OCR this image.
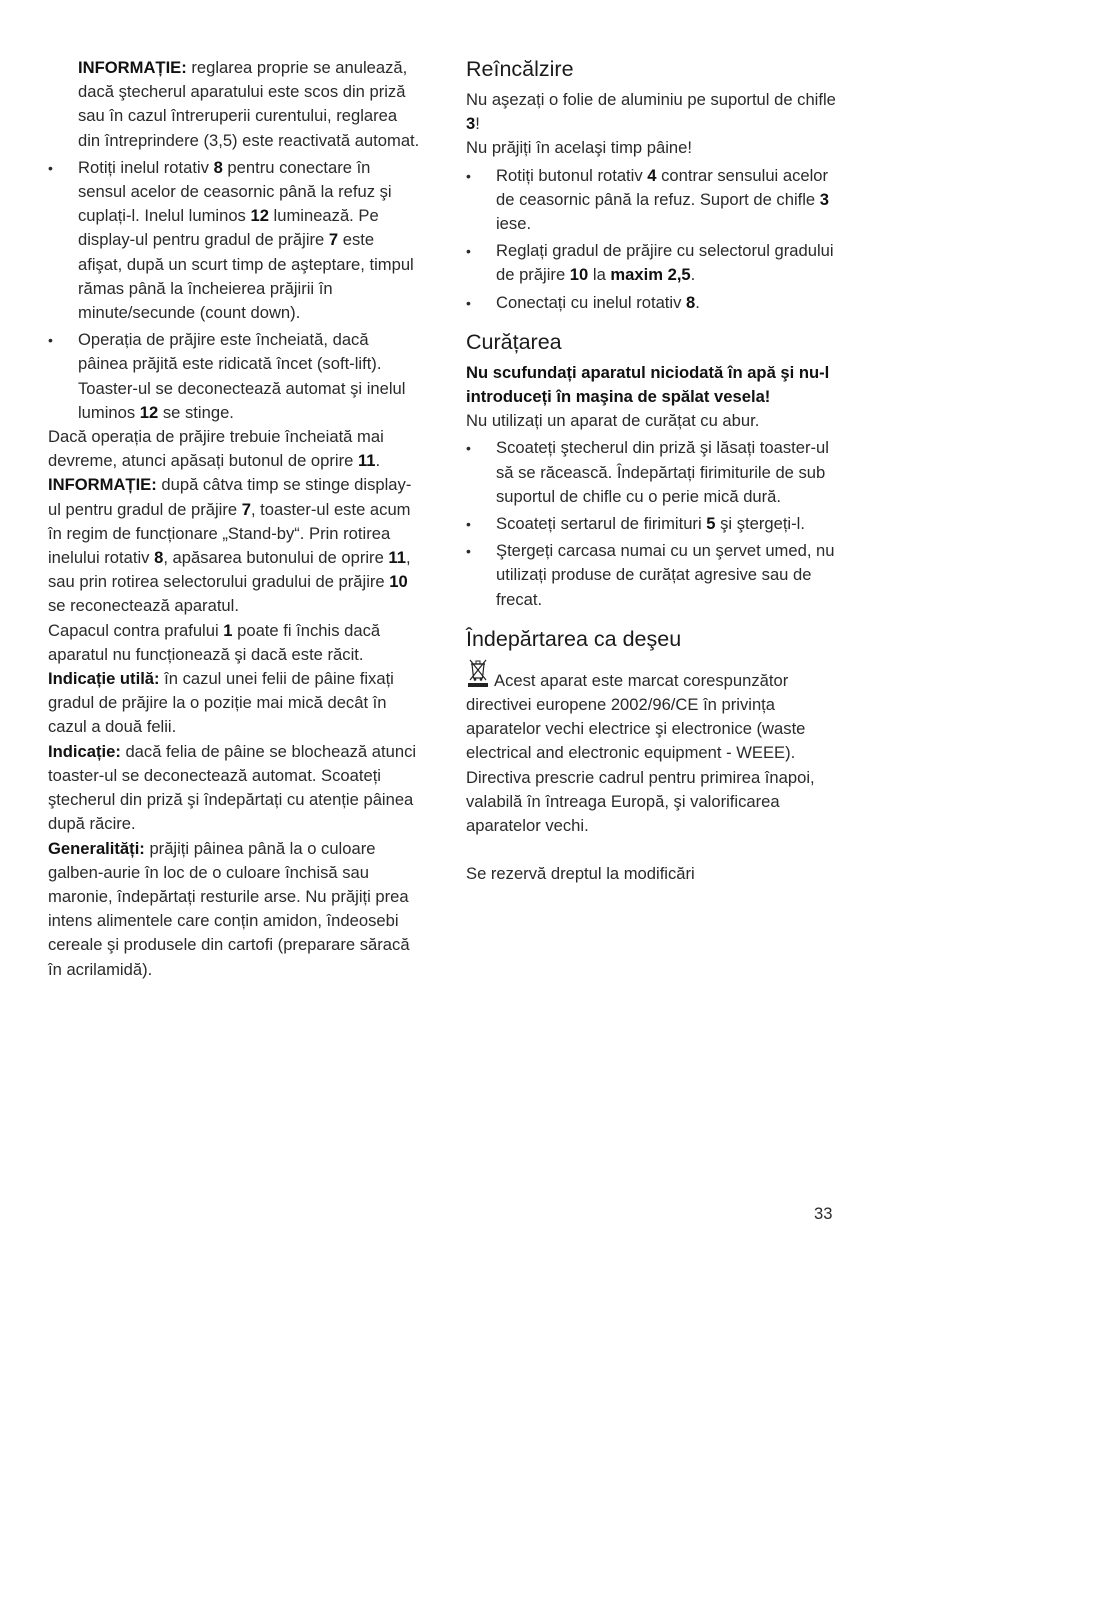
INFORMAȚIE: reglarea proprie se anulează, dacă ştecherul aparatului este scos din priză sau în cazul întreruperii curentului, reglarea din întreprindere (3,5) este reactivată automat.

• Rotiți inelul rotativ 8 pentru conectare în sensul acelor de ceasornic până la refuz şi cuplați-l. Inelul luminos 12 luminează. Pe display-ul pentru gradul de prăjire 7 este afişat, după un scurt timp de aşteptare, timpul rămas până la încheierea prăjirii în minute/secunde (count down).
• Operația de prăjire este încheiată, dacă pâinea prăjită este ridicată încet (soft-lift). Toaster-ul se deconectează automat şi inelul luminos 12 se stinge.

Dacă operația de prăjire trebuie încheiată mai devreme, atunci apăsați butonul de oprire 11.

INFORMAȚIE: după câtva timp se stinge display-ul pentru gradul de prăjire 7, toaster-ul este acum în regim de funcționare „Stand-by“. Prin rotirea inelului rotativ 8, apăsarea butonului de oprire 11, sau prin rotirea selectorului gradului de prăjire 10 se reconectează aparatul.

Capacul contra prafului 1 poate fi închis dacă aparatul nu funcționează şi dacă este răcit.

Indicație utilă: în cazul unei felii de pâine fixați gradul de prăjire la o poziție mai mică decât în cazul a două felii.

Indicație: dacă felia de pâine se blochează atunci toaster-ul se deconectează automat. Scoateți ştecherul din priză şi îndepărtați cu atenție pâinea după răcire.

Generalități: prăjiți pâinea până la o culoare galben-aurie în loc de o culoare închisă sau maronie, îndepărtați resturile arse. Nu prăjiți prea intens alimentele care conțin amidon, îndeosebi cereale şi produsele din cartofi (preparare săracă în acrilamidă).

Reîncălzire

Nu aşezați o folie de aluminiu pe suportul de chifle 3!

Nu prăjiți în acelaşi timp pâine!

• Rotiți butonul rotativ 4 contrar sensului acelor de ceasornic până la refuz. Suport de chifle 3 iese.
• Reglați gradul de prăjire cu selectorul gradului de prăjire 10 la maxim 2,5.
• Conectați cu inelul rotativ 8.
Curățarea

Nu scufundați aparatul niciodată în apă şi nu-l introduceți în maşina de spălat vesela!

Nu utilizați un aparat de curățat cu abur.

• Scoateți ştecherul din priză şi lăsați toaster-ul să se răcească. Îndepărtați firimiturile de sub suportul de chifle cu o perie mică dură.
• Scoateți sertarul de firimituri 5 şi ştergeți-l.
• Ştergeți carcasa numai cu un şervet umed, nu utilizați produse de curățat agresive sau de frecat.
Îndepărtarea ca deşeu

Acest aparat este marcat corespunzător directivei europene 2002/96/CE în privința aparatelor vechi electrice şi electronice (waste electrical and electronic equipment - WEEE). Directiva prescrie cadrul pentru primirea înapoi, valabilă în întreaga Europă, şi valorificarea aparatelor vechi.

Se rezervă dreptul la modificări

33
